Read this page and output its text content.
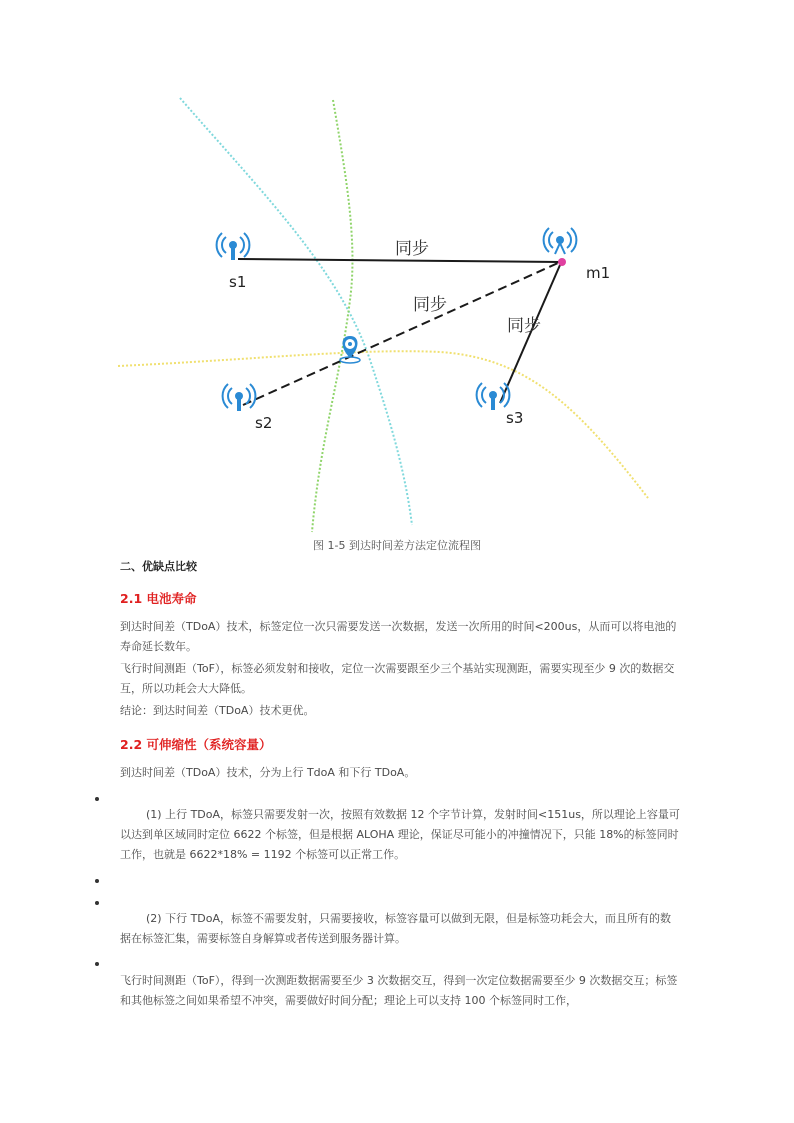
s1
s2	s3
m1
同步
同步
同步
图 1-5 到达时间差方法定位流程图
二、优缺点比较
2.1 电池寿命
到达时间差（TDoA）技术，标签定位一次只需要发送一次数据，发送一次所用的时间<200us，从而可以将电池的寿命延长数年。
飞行时间测距（ToF），标签必须发射和接收，定位一次需要跟至少三个基站实现测距，需要实现至少 9 次的数据交互，所以功耗会大大降低。
结论：到达时间差（TDoA）技术更优。
2.2 可伸缩性（系统容量）
到达时间差（TDoA）技术，分为上行 TdoA 和下行 TDoA。
(1) 上行 TDoA，标签只需要发射一次，按照有效数据 12 个字节计算，发射时间<151us，所以理论上容量可以达到单区域同时定位 6622 个标签，但是根据 ALOHA 理论，保证尽可能小的冲撞情况下，只能 18%的标签同时工作，也就是 6622*18% = 1192 个标签可以正常工作。
(2) 下行 TDoA，标签不需要发射，只需要接收，标签容量可以做到无限，但是标签功耗会大，而且所有的数据在标签汇集，需要标签自身解算或者传送到服务器计算。
飞行时间测距（ToF），得到一次测距数据需要至少 3 次数据交互，得到一次定位数据需要至少 9 次数据交互；标签和其他标签之间如果希望不冲突，需要做好时间分配；理论上可以支持 100 个标签同时工作，
